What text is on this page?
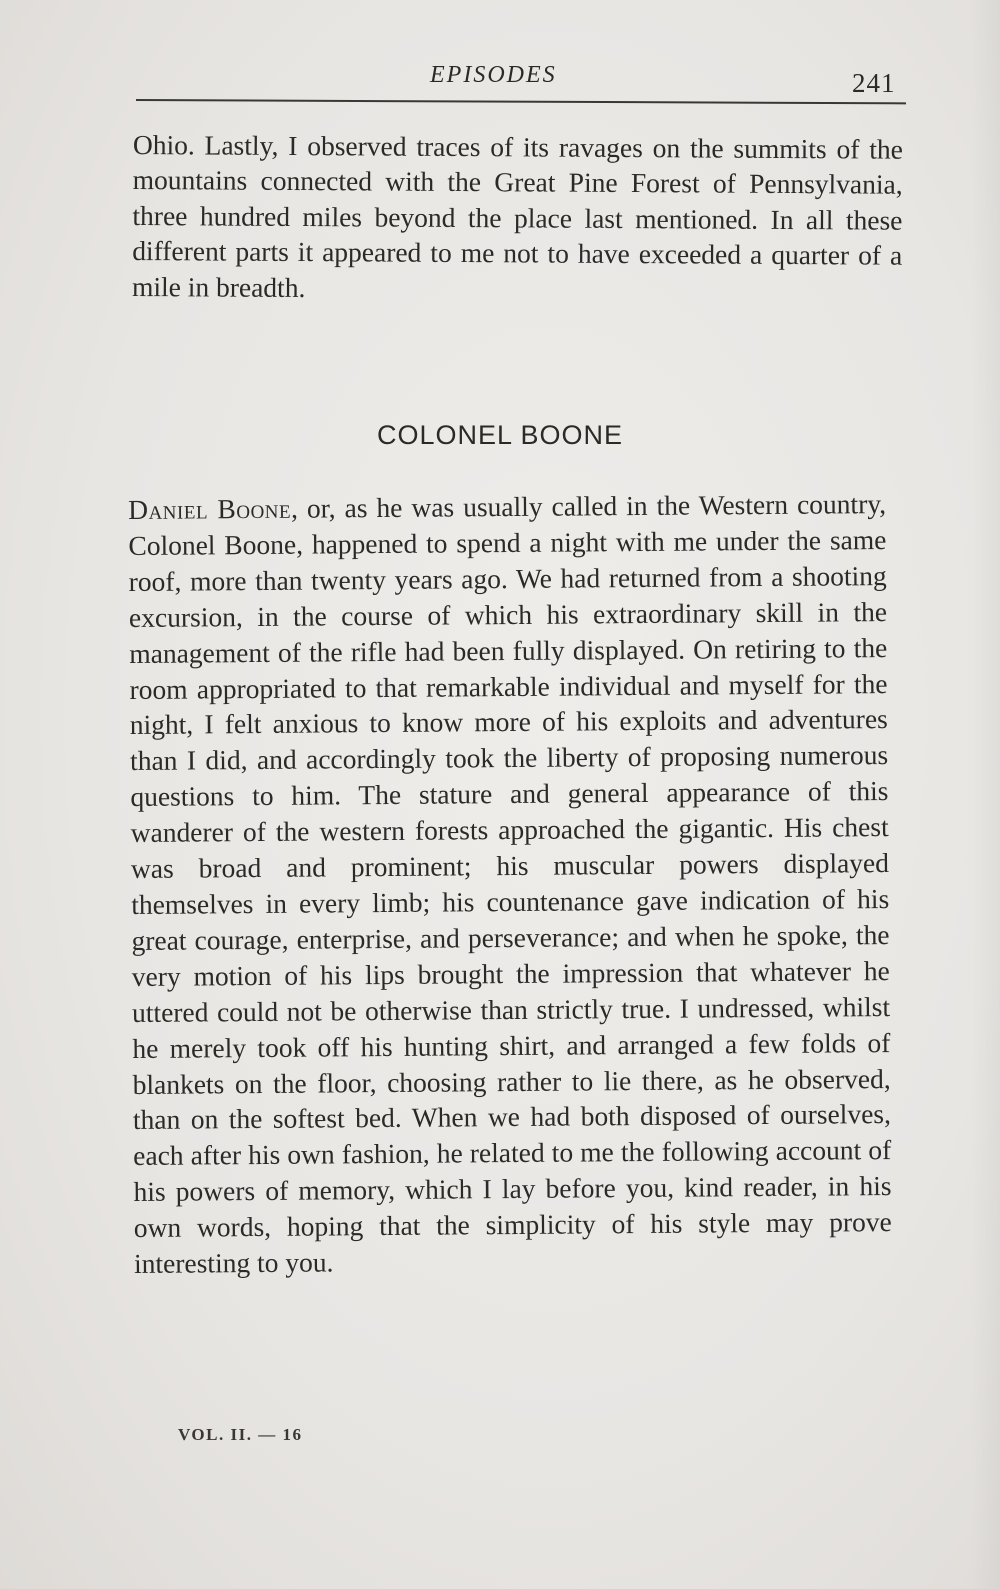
EPISODES	241

Ohio. Lastly, I observed traces of its ravages on the summits of the mountains connected with the Great Pine Forest of Pennsylvania, three hundred miles beyond the place last mentioned. In all these different parts it appeared to me not to have exceeded a quarter of a mile in breadth.

COLONEL BOONE

Daniel Boone, or, as he was usually called in the Western country, Colonel Boone, happened to spend a night with me under the same roof, more than twenty years ago. We had returned from a shooting excursion, in the course of which his extraordinary skill in the management of the rifle had been fully displayed. On retiring to the room appropriated to that remarkable individual and myself for the night, I felt anxious to know more of his exploits and adventures than I did, and accordingly took the liberty of proposing numerous questions to him. The stature and general appearance of this wanderer of the western forests approached the gigantic. His chest was broad and prominent; his muscular powers displayed themselves in every limb; his countenance gave indication of his great courage, enterprise, and perseverance; and when he spoke, the very motion of his lips brought the impression that whatever he uttered could not be otherwise than strictly true. I undressed, whilst he merely took off his hunting shirt, and arranged a few folds of blankets on the floor, choosing rather to lie there, as he observed, than on the softest bed. When we had both disposed of ourselves, each after his own fashion, he related to me the following account of his powers of memory, which I lay before you, kind reader, in his own words, hoping that the simplicity of his style may prove interesting to you.

VOL. II. — 16
